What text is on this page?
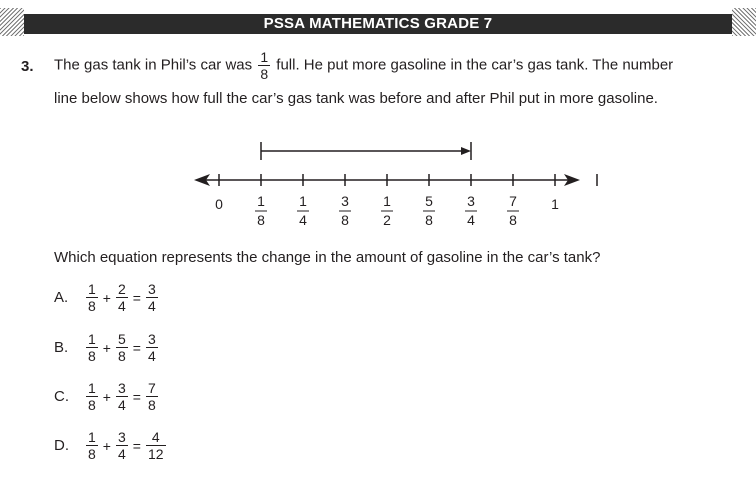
PSSA MATHEMATICS GRADE 7
3. The gas tank in Phil’s car was $\frac{1}{8}$ full. He put more gasoline in the car’s gas tank. The number
line below shows how full the car’s gas tank was before and after Phil put in more gasoline.
0 1
8
1
4
3
8
1
2
5
8
3
4
7
8
1
Which equation represents the change in the amount of gasoline in the car’s tank?
A.	$\frac{1}{8} + \frac{2}{4} = \frac{3}{4}$
B.	$\frac{1}{8} + \frac{5}{8} = \frac{3}{4}$
C.	$\frac{1}{8} + \frac{3}{4} = \frac{7}{8}$
D.	$\frac{1}{8} + \frac{3}{4} = \frac{4}{12}$
